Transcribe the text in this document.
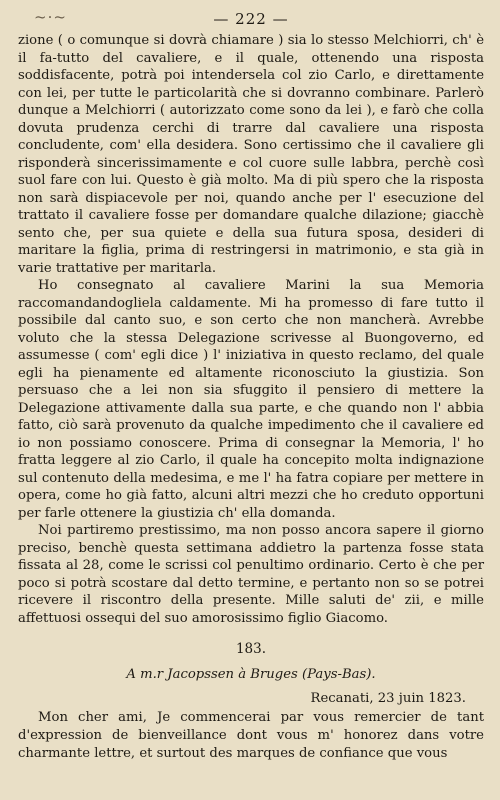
~·~	— 222 —

zione ( o comunque si dovrà chiamare ) sia lo stesso Melchiorri, ch' è il fa-tutto del cavaliere, e il quale, ottenendo una risposta soddisfacente, potrà poi intendersela col zio Carlo, e direttamente con lei, per tutte le particolarità che si dovranno combinare. Parlerò dunque a Melchiorri ( autorizzato come sono da lei ), e farò che colla dovuta prudenza cerchi di trarre dal cavaliere una risposta concludente, com' ella desidera. Sono certissimo che il cavaliere gli risponderà sincerissimamente e col cuore sulle labbra, perchè così suol fare con lui. Questo è già molto. Ma di più spero che la risposta non sarà dispiacevole per noi, quando anche per l' esecuzione del trattato il cavaliere fosse per domandare qualche dilazione; giacchè sento che, per sua quiete e della sua futura sposa, desideri di maritare la figlia, prima di restringersi in matrimonio, e sta già in varie trattative per maritarla.

Ho consegnato al cavaliere Marini la sua Memoria raccomandandogliela caldamente. Mi ha promesso di fare tutto il possibile dal canto suo, e son certo che non mancherà. Avrebbe voluto che la stessa Delegazione scrivesse al Buongoverno, ed assumesse ( com' egli dice ) l' iniziativa in questo reclamo, del quale egli ha pienamente ed altamente riconosciuto la giustizia. Son persuaso che a lei non sia sfuggito il pensiero di mettere la Delegazione attivamente dalla sua parte, e che quando non l' abbia fatto, ciò sarà provenuto da qualche impedimento che il cavaliere ed io non possiamo conoscere. Prima di consegnar la Memoria, l' ho fratta leggere al zio Carlo, il quale ha concepito molta indignazione sul contenuto della medesima, e me l' ha fatra copiare per mettere in opera, come ho già fatto, alcuni altri mezzi che ho creduto opportuni per farle ottenere la giustizia ch' ella domanda.

Noi partiremo prestissimo, ma non posso ancora sapere il giorno preciso, benchè questa settimana addietro la partenza fosse stata fissata al 28, come le scrissi col penultimo ordinario. Certo è che per poco si potrà scostare dal detto termine, e pertanto non so se potrei ricevere il riscontro della presente. Mille saluti de' zii, e mille affettuosi ossequi del suo amorosissimo figlio Giacomo.

183.
A m.r Jacopssen à Bruges (Pays-Bas).
Recanati, 23 juin 1823.

Mon cher ami, Je commencerai par vous remercier de tant d'expression de bienveillance dont vous m' honorez dans votre charmante lettre, et surtout des marques de confiance que vous
